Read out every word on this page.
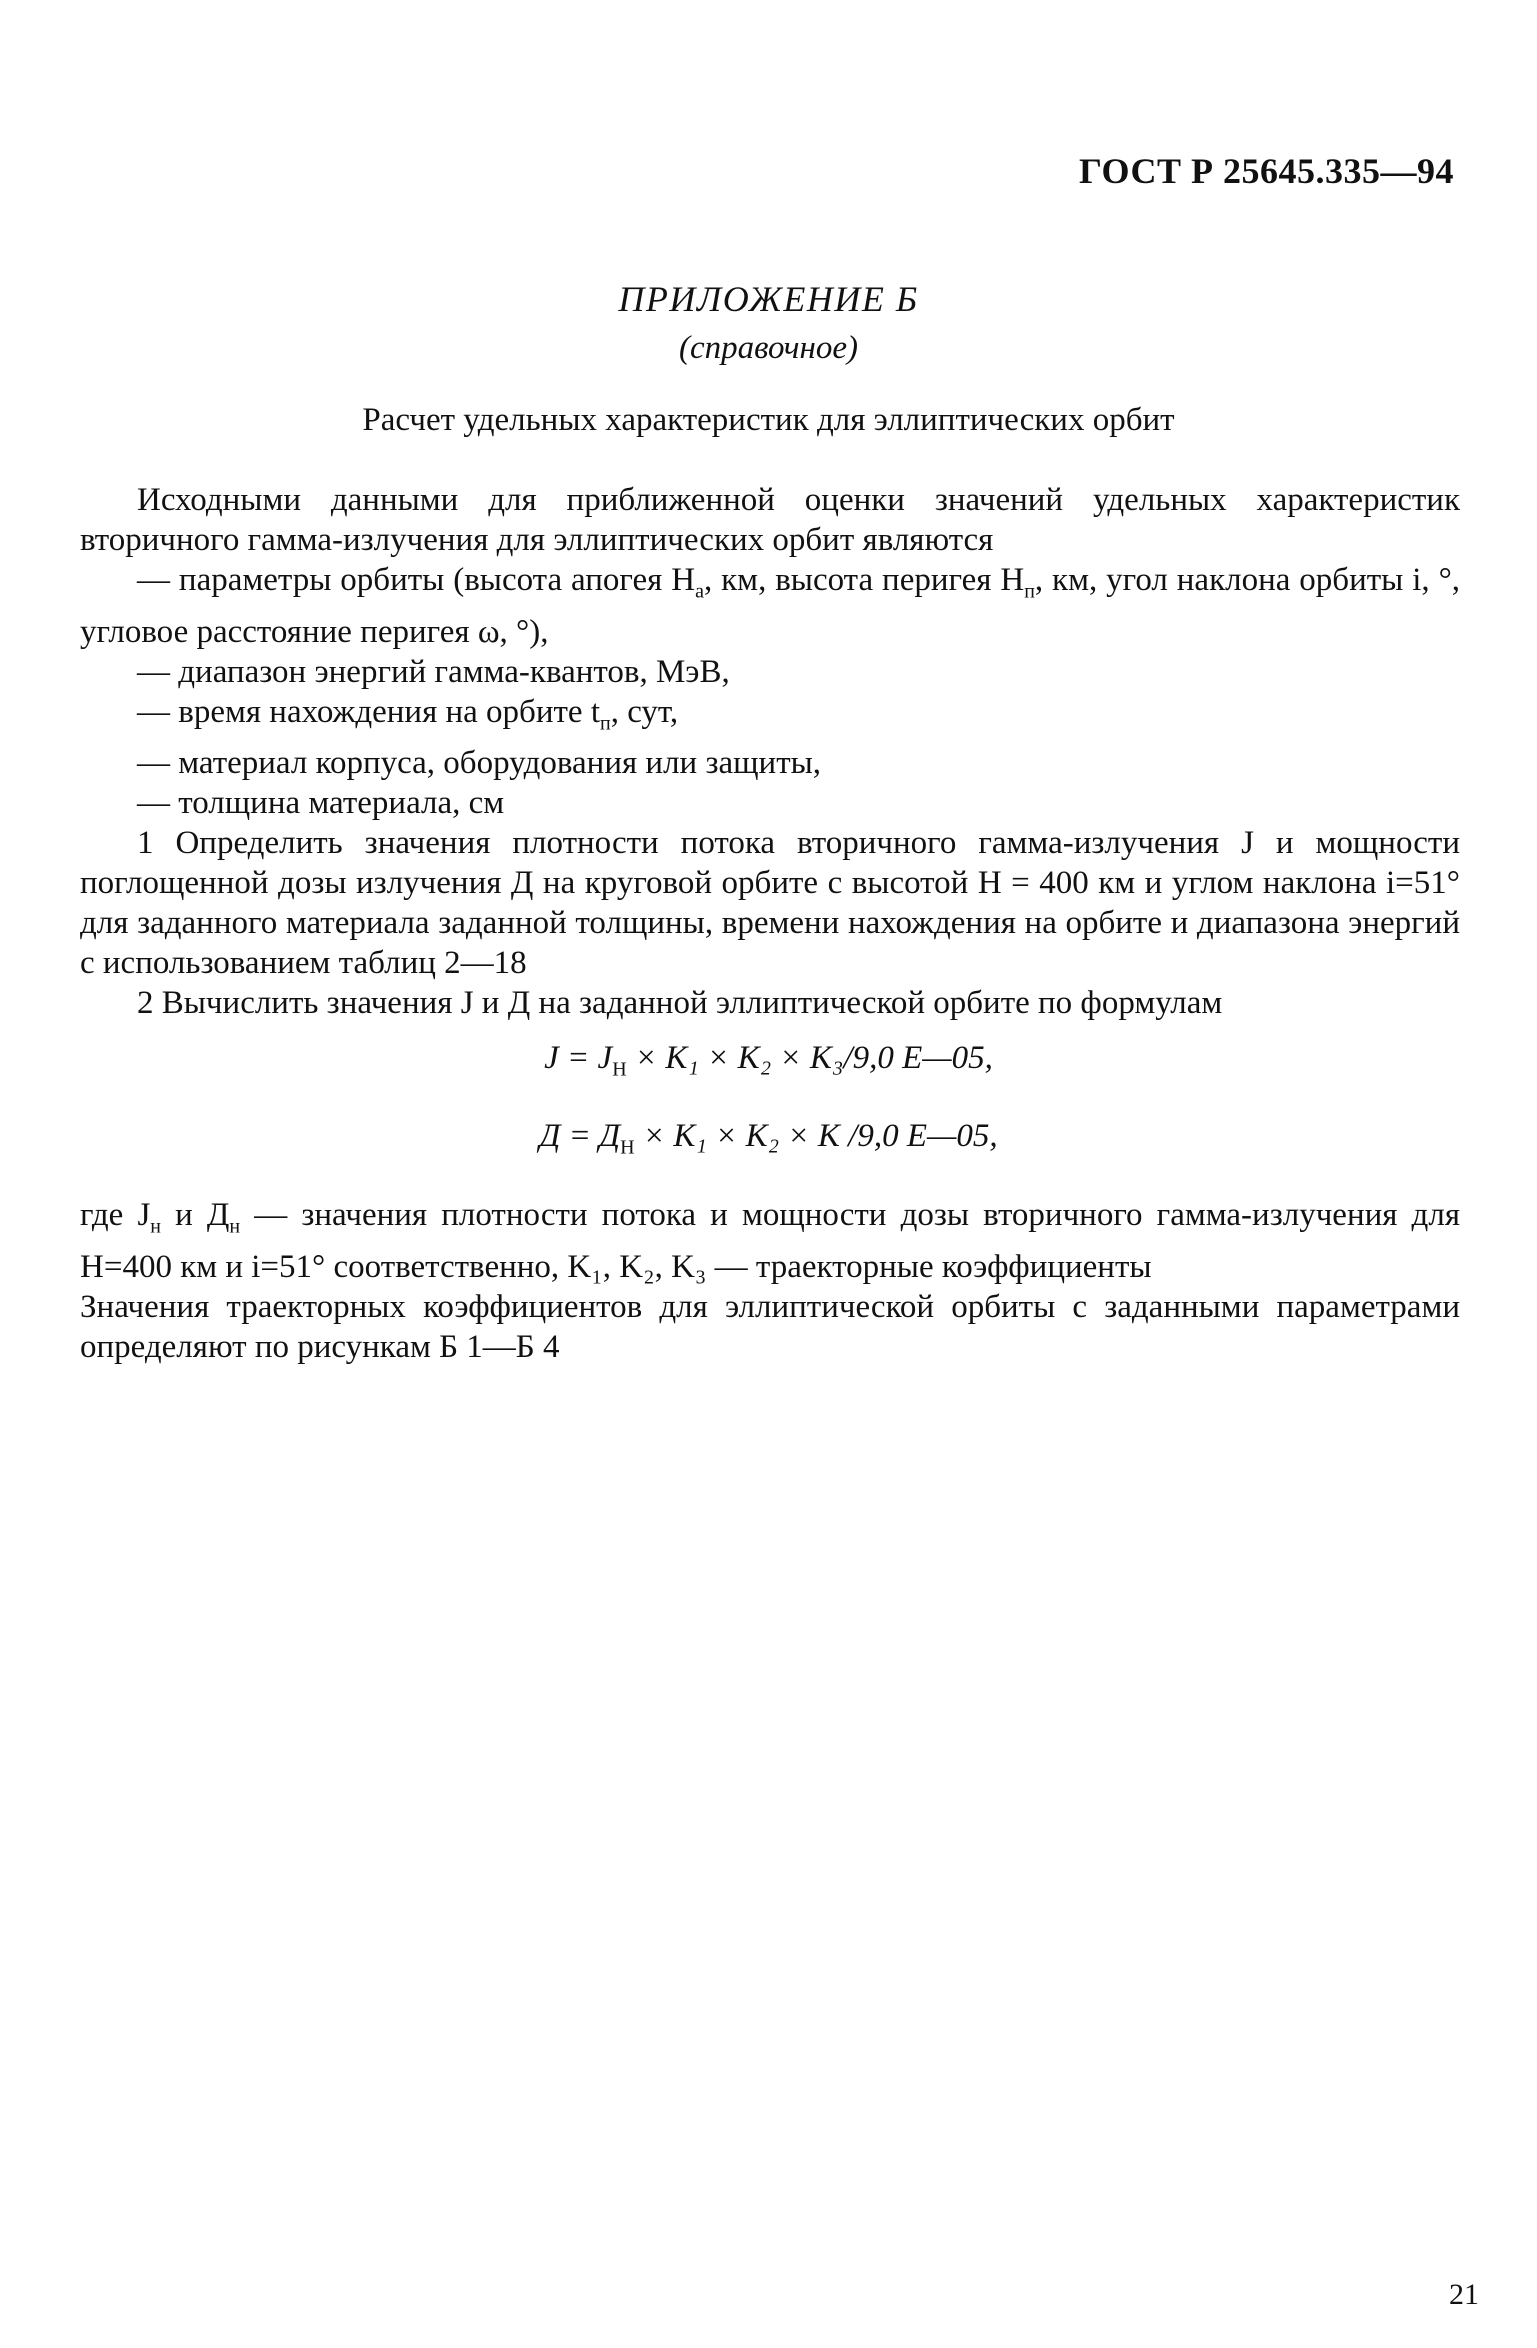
ГОСТ Р 25645.335—94
ПРИЛОЖЕНИЕ Б
(справочное)
Расчет удельных характеристик для эллиптических орбит

Исходными данными для приближенной оценки значений удельных характеристик вторичного гамма-излучения для эллиптических орбит являются

— параметры орбиты (высота апогея $H_а$, км, высота перигея $H_п$, км, угол наклона орбиты i, °, угловое расстояние перигея ω, °),

— диапазон энергий гамма-квантов, МэВ,

— время нахождения на орбите $t_п$, сут,

— материал корпуса, оборудования или защиты,

— толщина материала, см

1 Определить значения плотности потока вторичного гамма-излучения J и мощности поглощенной дозы излучения Д на круговой орбите с высотой H = 400 км и углом наклона i=51° для заданного материала заданной толщины, времени нахождения на орбите и диапазона энергий с использованием таблиц 2—18

2 Вычислить значения J и Д на заданной эллиптической орбите по формулам

$J = J_Н \times K_1 \times K_2 \times K_3/9,0$ E—05,
$Д = Д_Н \times K_1 \times K_2 \times K$ /9,0 E—05,

где $J_н$ и $Д_н$ — значения плотности потока и мощности дозы вторичного гамма-излучения для H=400 км и i=51° соответственно, K₁, K₂, K₃ — траекторные коэффициенты

Значения траекторных коэффициентов для эллиптической орбиты с заданными параметрами определяют по рисункам Б 1—Б 4

21
